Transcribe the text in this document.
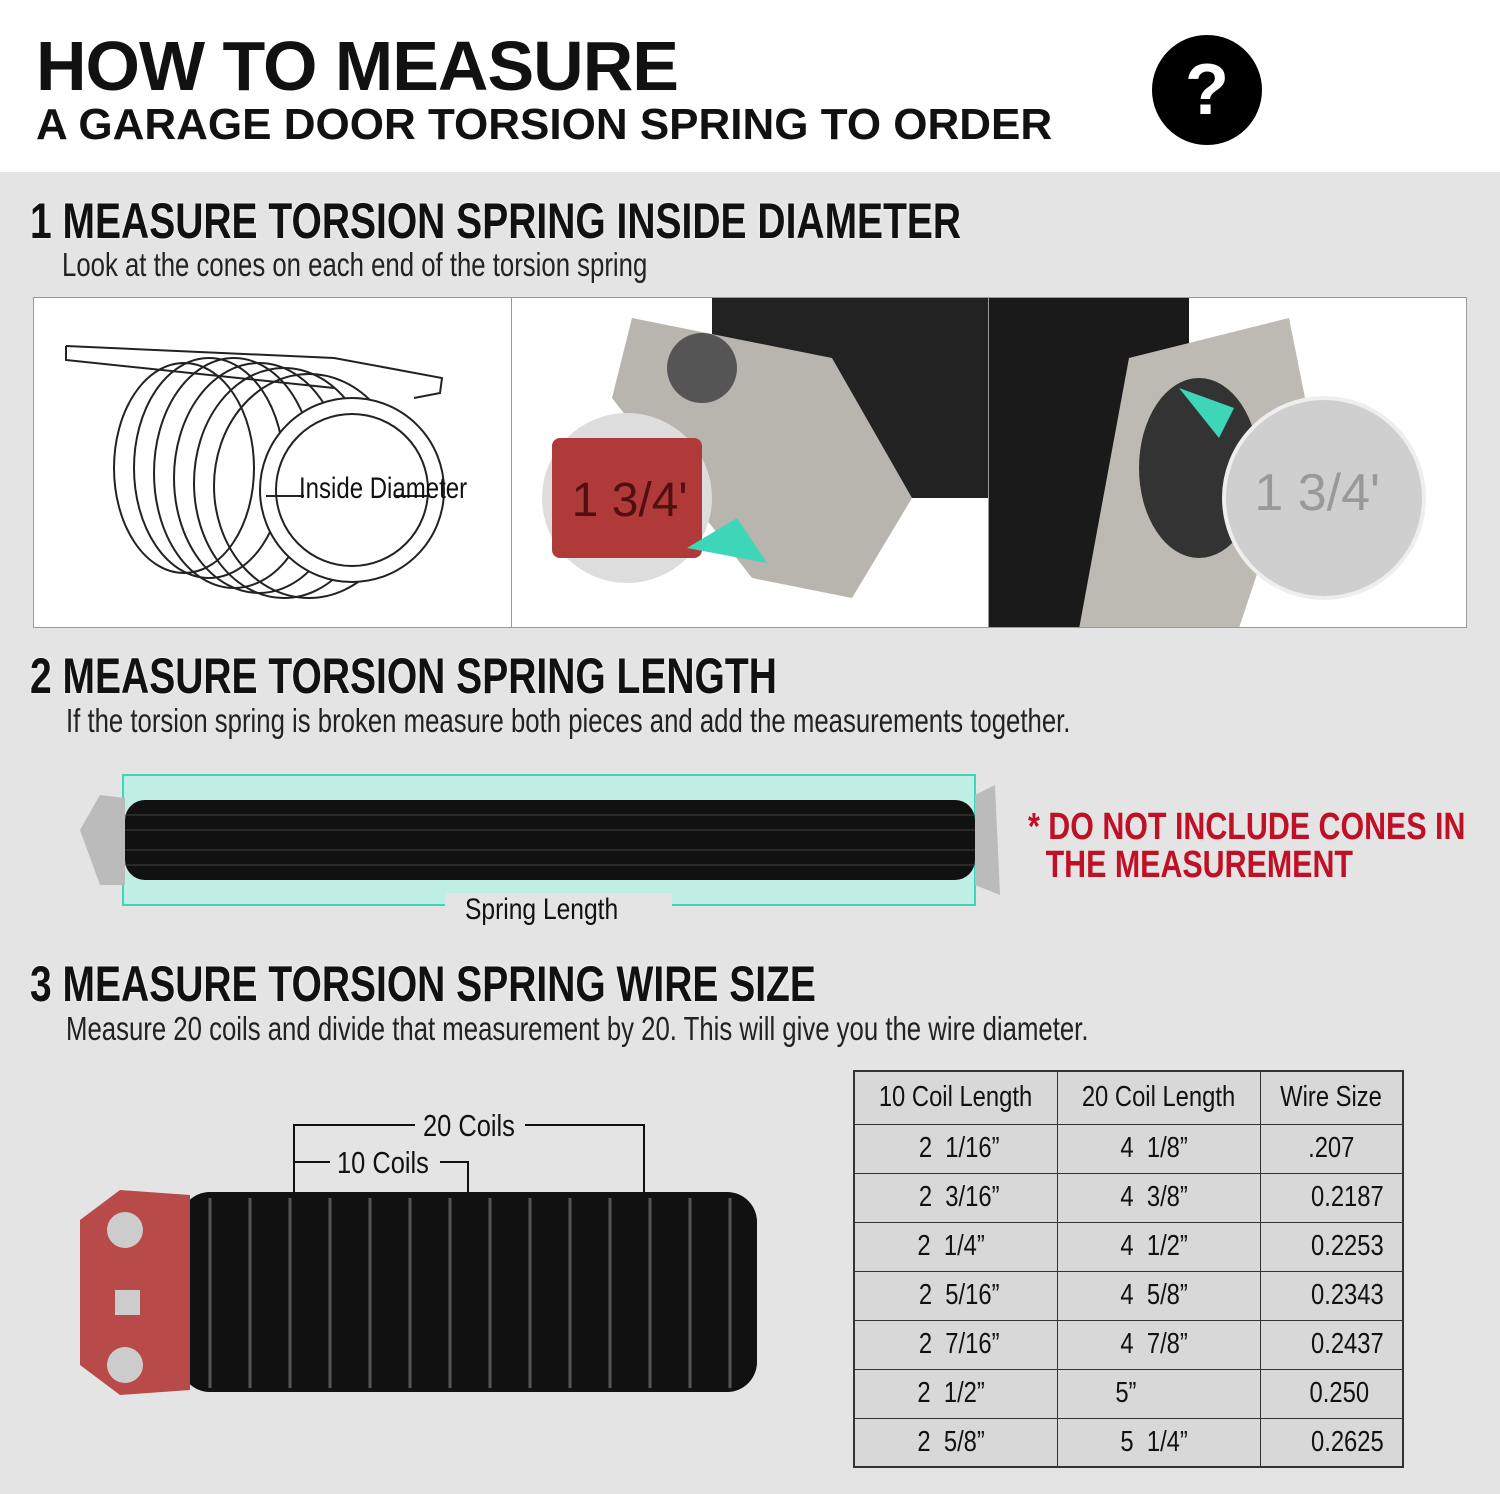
HOW TO MEASURE
A GARAGE DOOR TORSION SPRING TO ORDER	?
1 MEASURE TORSION SPRING INSIDE DIAMETER
Look at the cones on each end of the torsion spring
Inside Diameter 1 3/4'	1 3/4'
2 MEASURE TORSION SPRING LENGTH
If the torsion spring is broken measure both pieces and add the measurements together.
Spring Length
* DO NOT INCLUDE CONES IN
THE MEASUREMENT
3 MEASURE TORSION SPRING WIRE SIZE
Measure 20 coils and divide that measurement by 20. This will give you the wire diameter.
20 Coils
10 Coils
10 Coil Length	20 Coil Length	Wire Size
2  1/16”	4  1/8”	.207
2  3/16”	4  3/8”	0.2187
2  1/4”	4  1/2”	0.2253
2  5/16”	4  5/8”	0.2343
2  7/16”	4  7/8”	0.2437
2  1/2”	5”	0.250
2  5/8”	5  1/4”	0.2625
